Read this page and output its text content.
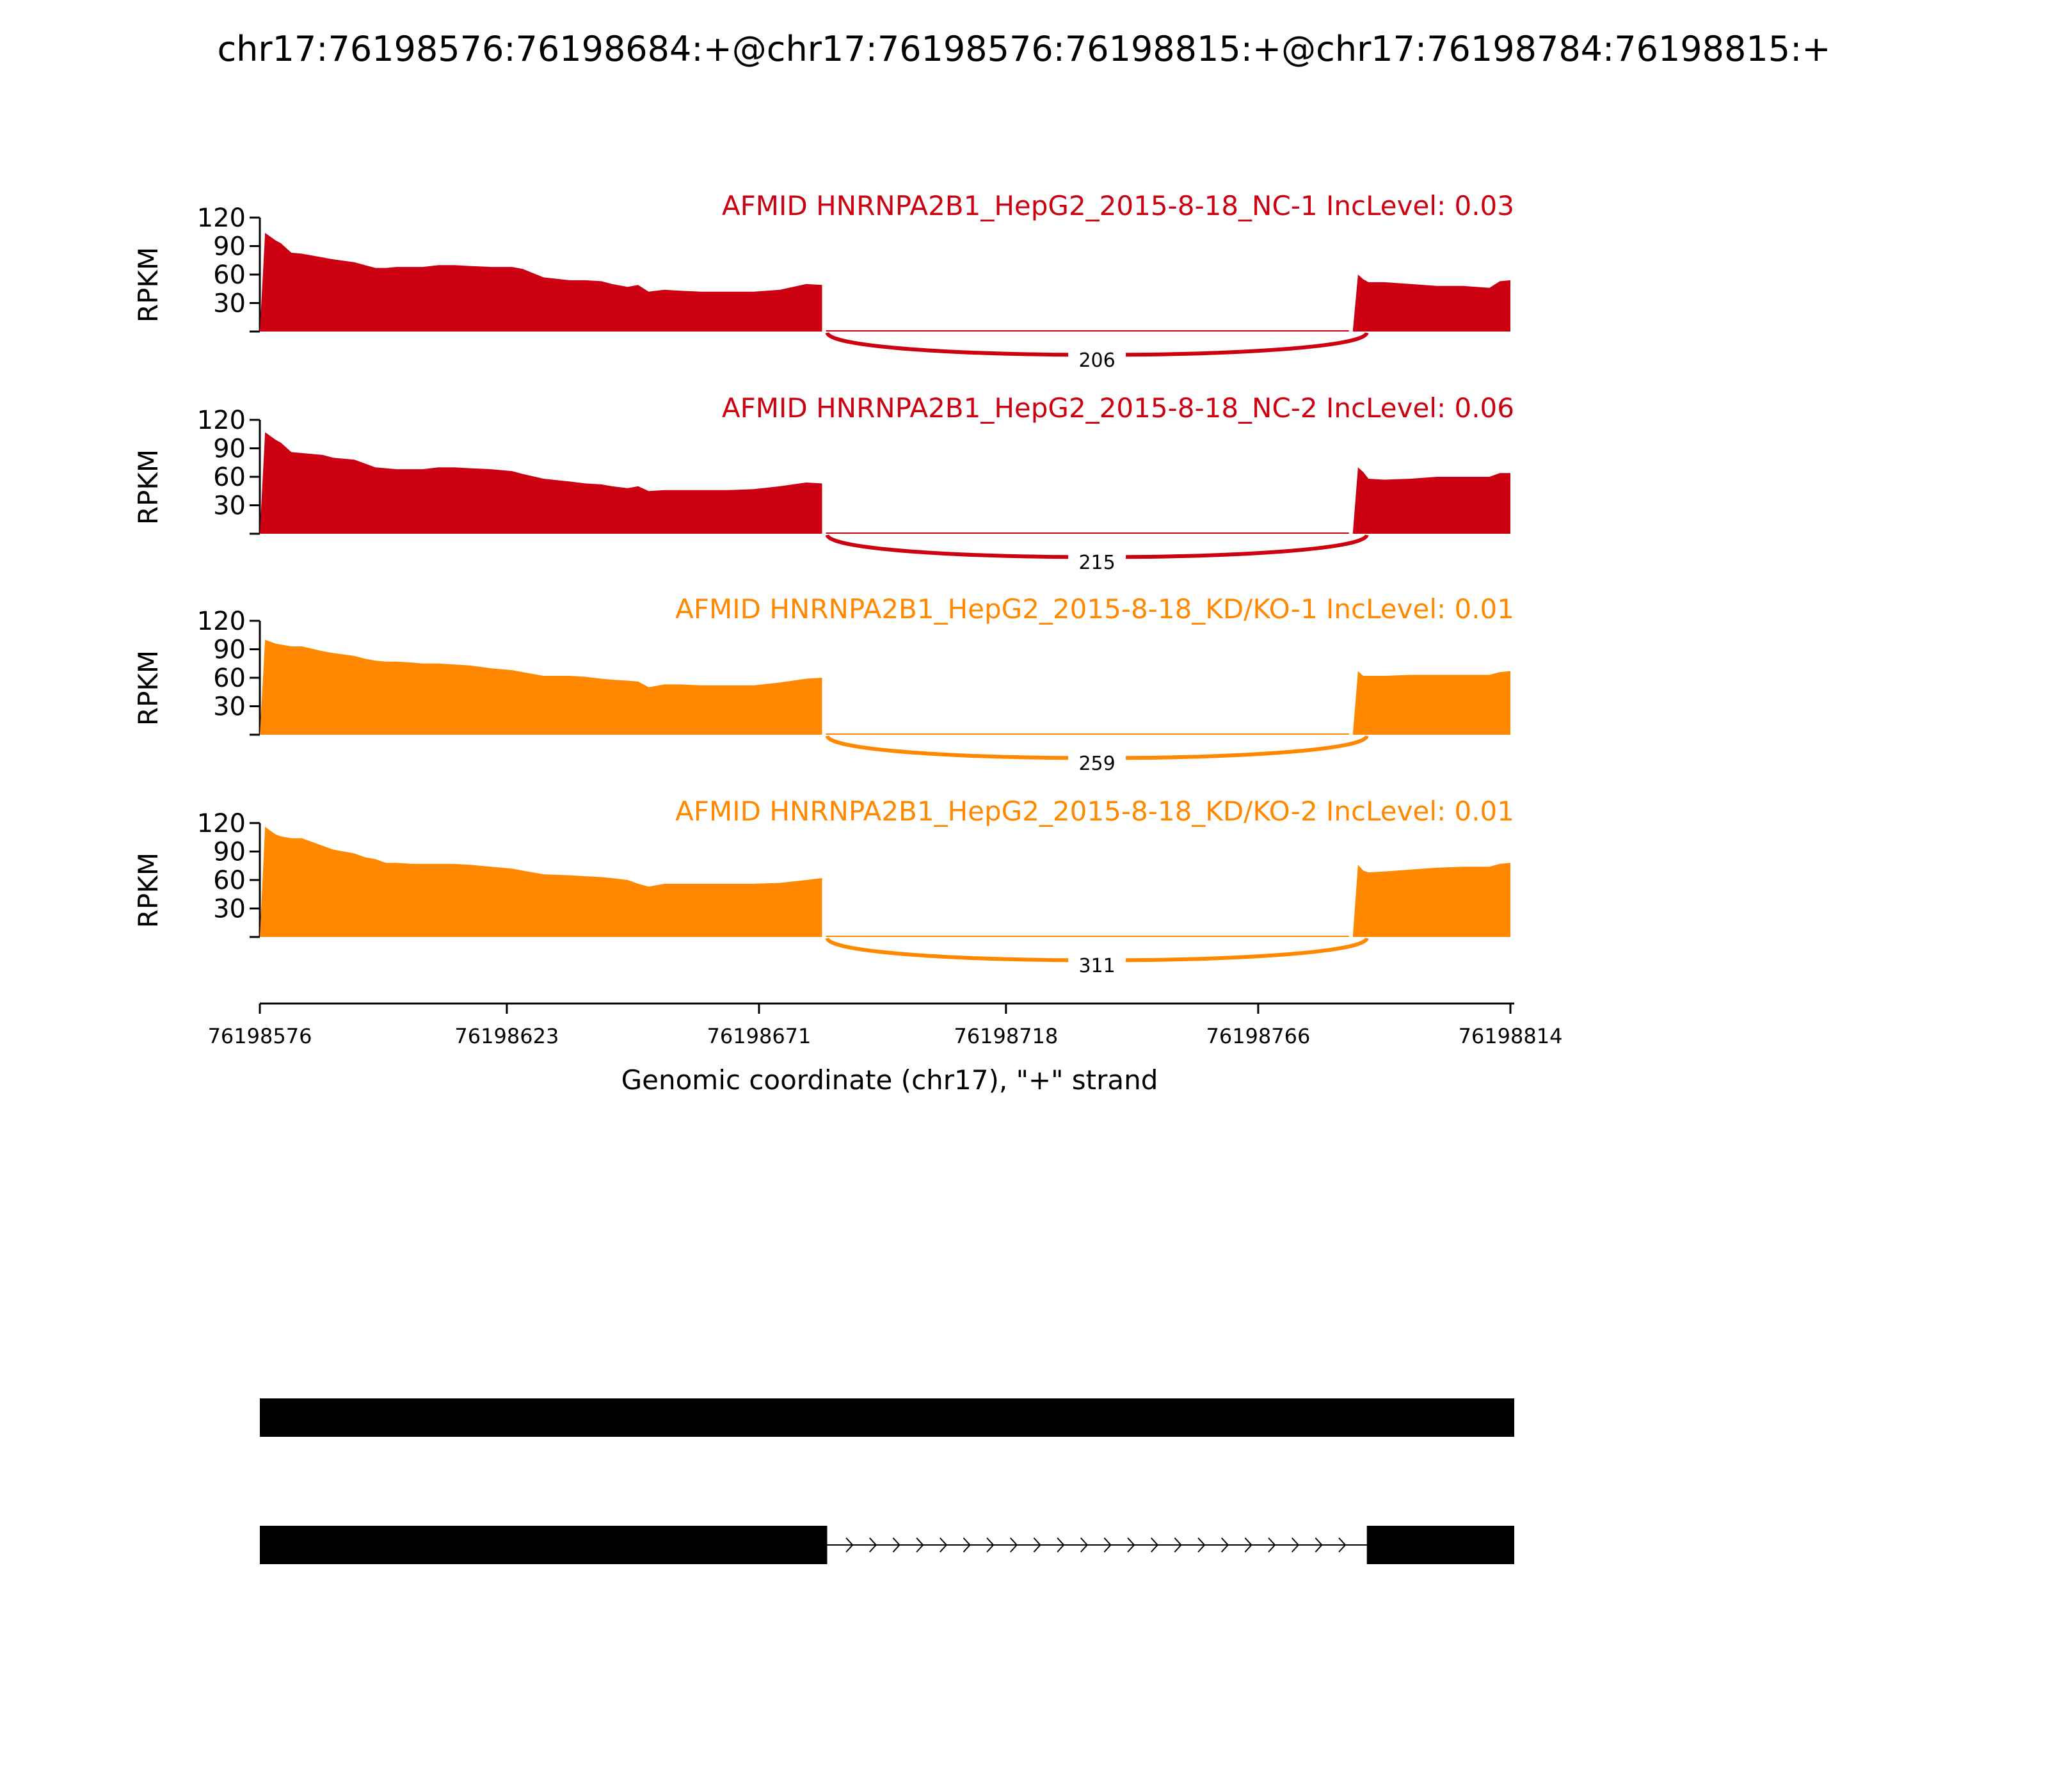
chr17:76198576:76198684:+@chr17:76198576:76198815:+@chr17:76198784:76198815:+
30
60
90
120
RPKM
AFMID HNRNPA2B1_HepG2_2015-8-18_NC-1 IncLevel: 0.03
206
30
60
90
120
RPKM
AFMID HNRNPA2B1_HepG2_2015-8-18_NC-2 IncLevel: 0.06
215
30
60
90
120
RPKM
AFMID HNRNPA2B1_HepG2_2015-8-18_KD/KO-1 IncLevel: 0.01
259
30
60
90
120
RPKM
AFMID HNRNPA2B1_HepG2_2015-8-18_KD/KO-2 IncLevel: 0.01
311
76198576	76198623	76198671	76198718	76198766	76198814
Genomic coordinate (chr17), "+" strand
